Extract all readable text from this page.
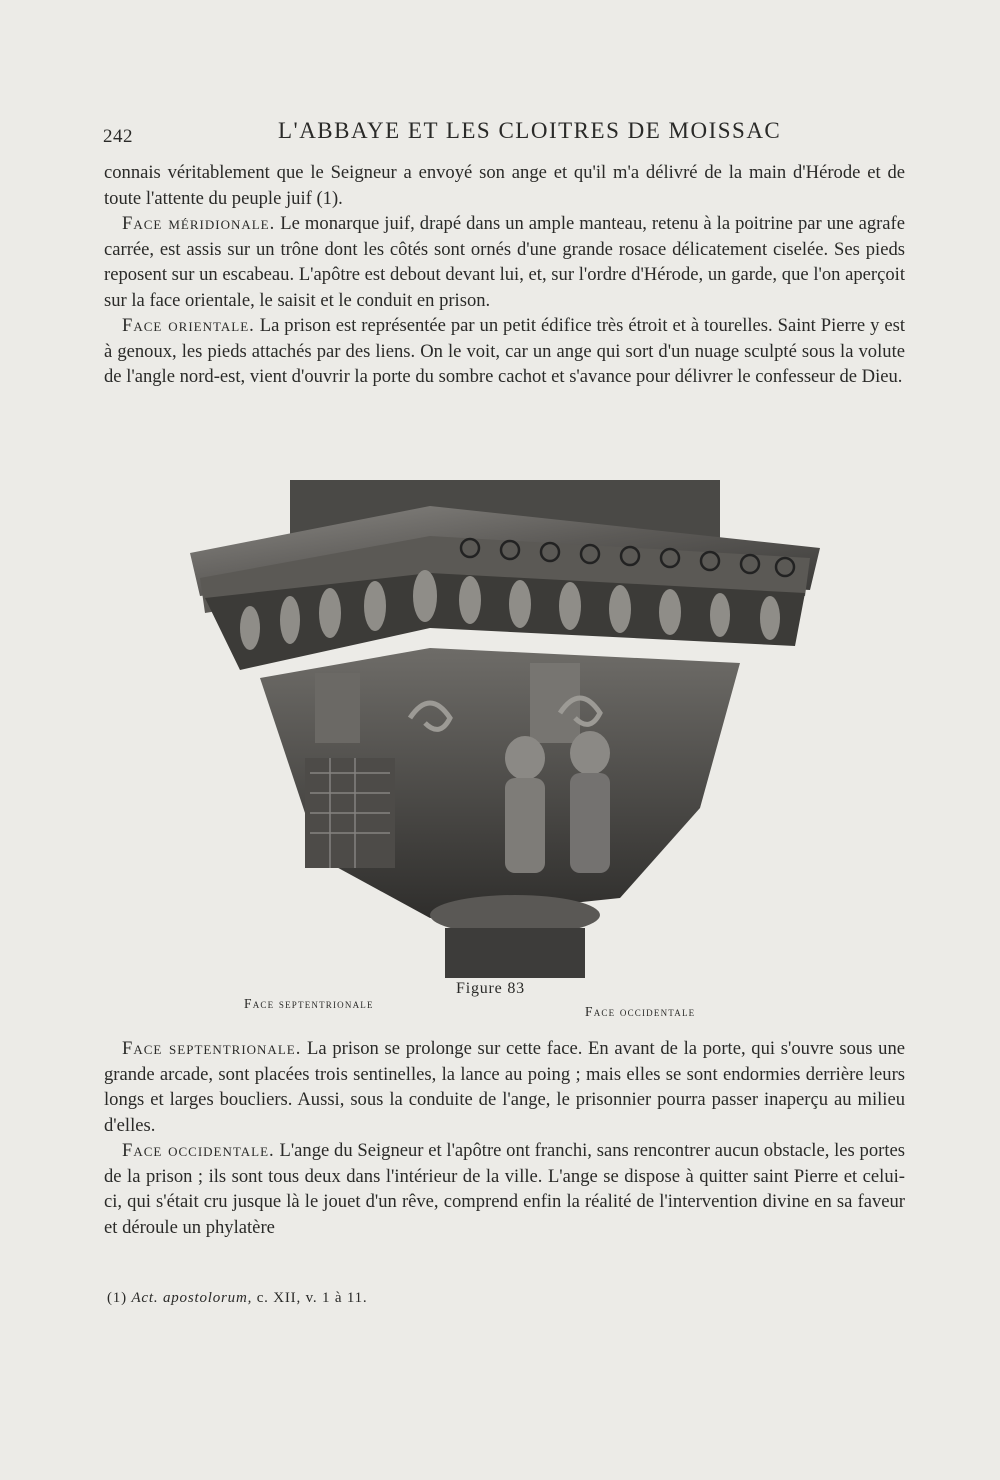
242	L'ABBAYE ET LES CLOITRES DE MOISSAC

connais véritablement que le Seigneur a envoyé son ange et qu'il m'a délivré de la main d'Hérode et de toute l'attente du peuple juif (1).

Face méridionale. Le monarque juif, drapé dans un ample manteau, retenu à la poitrine par une agrafe carrée, est assis sur un trône dont les côtés sont ornés d'une grande rosace délicatement ciselée. Ses pieds reposent sur un escabeau. L'apôtre est debout devant lui, et, sur l'ordre d'Hérode, un garde, que l'on aperçoit sur la face orientale, le saisit et le conduit en prison.

Face orientale. La prison est représentée par un petit édifice très étroit et à tourelles. Saint Pierre y est à genoux, les pieds attachés par des liens. On le voit, car un ange qui sort d'un nuage sculpté sous la volute de l'angle nord-est, vient d'ouvrir la porte du sombre cachot et s'avance pour délivrer le confesseur de Dieu.

Figure 83
Face septentrionale
Face occidentale

Face septentrionale. La prison se prolonge sur cette face. En avant de la porte, qui s'ouvre sous une grande arcade, sont placées trois sentinelles, la lance au poing ; mais elles se sont endormies derrière leurs longs et larges boucliers. Aussi, sous la conduite de l'ange, le prisonnier pourra passer inaperçu au milieu d'elles.

Face occidentale. L'ange du Seigneur et l'apôtre ont franchi, sans rencontrer aucun obstacle, les portes de la prison ; ils sont tous deux dans l'intérieur de la ville. L'ange se dispose à quitter saint Pierre et celui-ci, qui s'était cru jusque là le jouet d'un rêve, comprend enfin la réalité de l'intervention divine en sa faveur et déroule un phylatère

(1) Act. apostolorum, c. XII, v. 1 à 11.
